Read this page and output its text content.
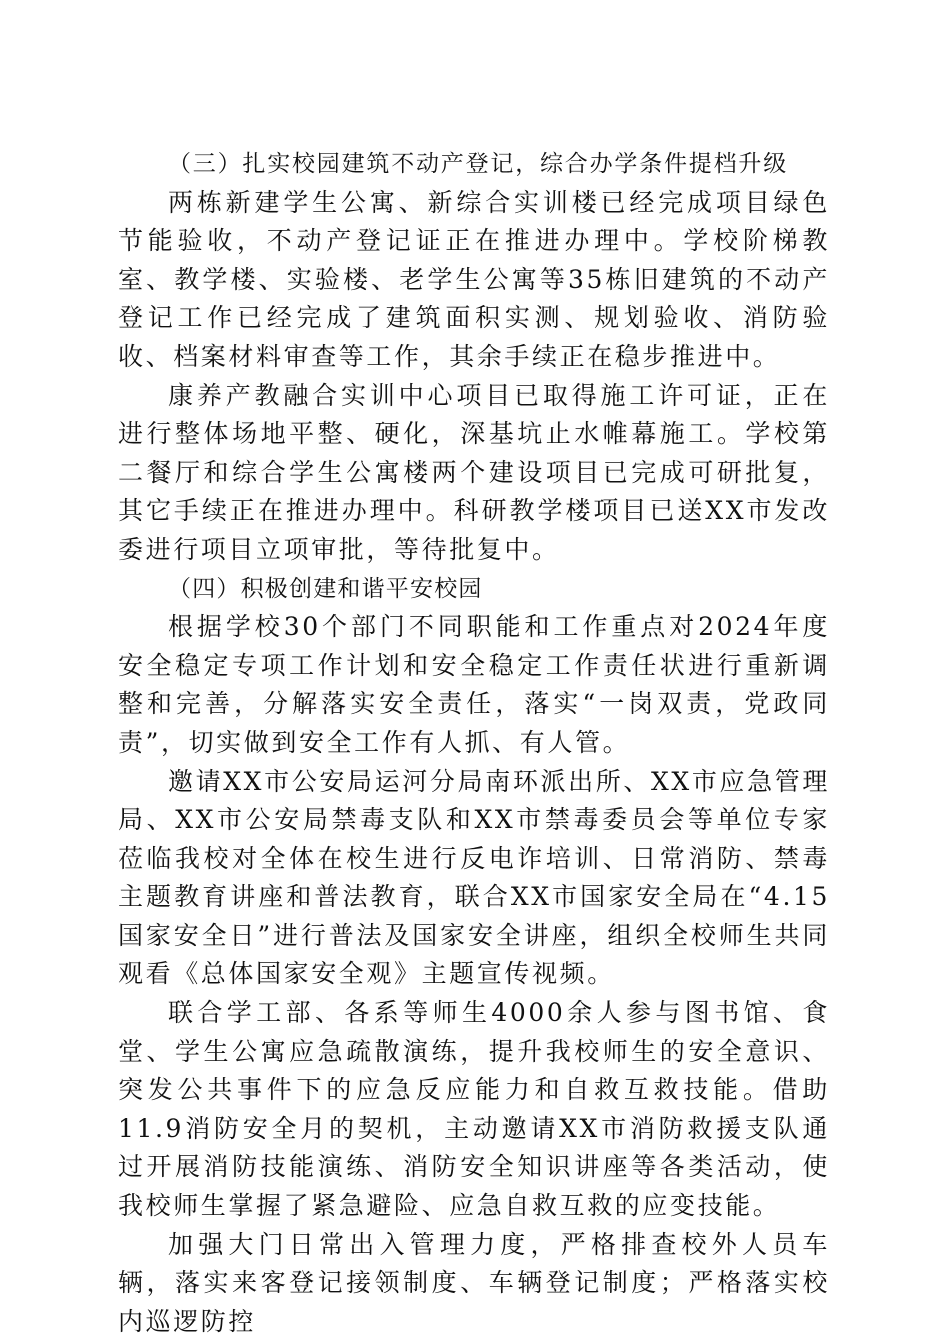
（三）扎实校园建筑不动产登记，综合办学条件提档升级

两栋新建学生公寓、新综合实训楼已经完成项目绿色节能验收，不动产登记证正在推进办理中。学校阶梯教室、教学楼、实验楼、老学生公寓等35栋旧建筑的不动产登记工作已经完成了建筑面积实测、规划验收、消防验收、档案材料审查等工作，其余手续正在稳步推进中。

康养产教融合实训中心项目已取得施工许可证，正在进行整体场地平整、硬化，深基坑止水帷幕施工。学校第二餐厅和综合学生公寓楼两个建设项目已完成可研批复，其它手续正在推进办理中。科研教学楼项目已送XX市发改委进行项目立项审批，等待批复中。

（四）积极创建和谐平安校园

根据学校30个部门不同职能和工作重点对2024年度安全稳定专项工作计划和安全稳定工作责任状进行重新调整和完善，分解落实安全责任，落实“一岗双责，党政同责”，切实做到安全工作有人抓、有人管。

邀请XX市公安局运河分局南环派出所、XX市应急管理局、XX市公安局禁毒支队和XX市禁毒委员会等单位专家莅临我校对全体在校生进行反电诈培训、日常消防、禁毒主题教育讲座和普法教育，联合XX市国家安全局在“4.15国家安全日”进行普法及国家安全讲座，组织全校师生共同观看《总体国家安全观》主题宣传视频。

联合学工部、各系等师生4000余人参与图书馆、食堂、学生公寓应急疏散演练，提升我校师生的安全意识、突发公共事件下的应急反应能力和自救互救技能。借助11.9消防安全月的契机，主动邀请XX市消防救援支队通过开展消防技能演练、消防安全知识讲座等各类活动，使我校师生掌握了紧急避险、应急自救互救的应变技能。

加强大门日常出入管理力度，严格排查校外人员车辆，落实来客登记接领制度、车辆登记制度；严格落实校内巡逻防控
